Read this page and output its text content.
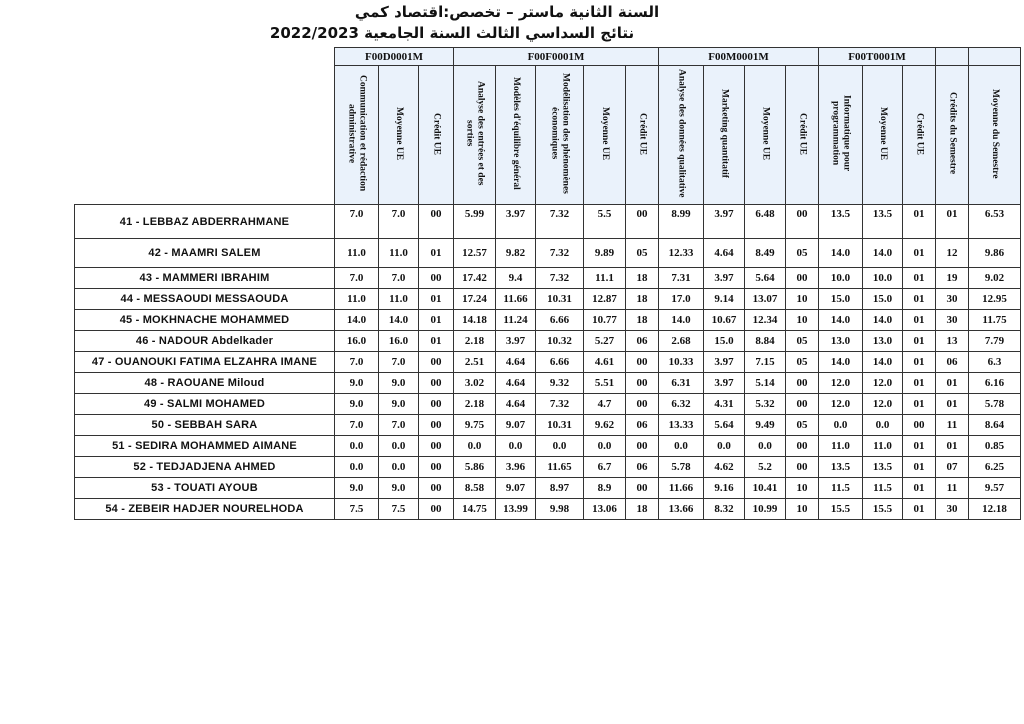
السنة الثانية ماستر – تخصص:اقتصاد كمي
نتائج السداسي الثالث السنة الجامعية 2022/2023
	F00D0001M			F00F0001M					F00M0001M				F00T0001M				
	Communication et rédaction administrative	Moyenne UE	Crédit UE	Analyse des entrées et des sorties	Modèles d'équilibre général	Modélisation des phénomènes économiques	Moyenne UE	Crédit UE	Analyse des données qualitative	Marketing quantitatif	Moyenne UE	Crédit UE	Informatique pour programmation	Moyenne UE	Crédit UE	Crédits du Semestre	Moyenne du Semestre
41 - LEBBAZ ABDERRAHMANE	7.0	7.0	00	5.99	3.97	7.32	5.5	00	8.99	3.97	6.48	00	13.5	13.5	01	01	6.53
42 - MAAMRI SALEM	11.0	11.0	01	12.57	9.82	7.32	9.89	05	12.33	4.64	8.49	05	14.0	14.0	01	12	9.86
43 - MAMMERI IBRAHIM	7.0	7.0	00	17.42	9.4	7.32	11.1	18	7.31	3.97	5.64	00	10.0	10.0	01	19	9.02
44 - MESSAOUDI MESSAOUDA	11.0	11.0	01	17.24	11.66	10.31	12.87	18	17.0	9.14	13.07	10	15.0	15.0	01	30	12.95
45 - MOKHNACHE MOHAMMED	14.0	14.0	01	14.18	11.24	6.66	10.77	18	14.0	10.67	12.34	10	14.0	14.0	01	30	11.75
46 - NADOUR Abdelkader	16.0	16.0	01	2.18	3.97	10.32	5.27	06	2.68	15.0	8.84	05	13.0	13.0	01	13	7.79
47 - OUANOUKI FATIMA ELZAHRA IMANE	7.0	7.0	00	2.51	4.64	6.66	4.61	00	10.33	3.97	7.15	05	14.0	14.0	01	06	6.3
48 - RAOUANE Miloud	9.0	9.0	00	3.02	4.64	9.32	5.51	00	6.31	3.97	5.14	00	12.0	12.0	01	01	6.16
49 - SALMI MOHAMED	9.0	9.0	00	2.18	4.64	7.32	4.7	00	6.32	4.31	5.32	00	12.0	12.0	01	01	5.78
50 - SEBBAH SARA	7.0	7.0	00	9.75	9.07	10.31	9.62	06	13.33	5.64	9.49	05	0.0	0.0	00	11	8.64
51 - SEDIRA MOHAMMED AIMANE	0.0	0.0	00	0.0	0.0	0.0	0.0	00	0.0	0.0	0.0	00	11.0	11.0	01	01	0.85
52 - TEDJADJENA AHMED	0.0	0.0	00	5.86	3.96	11.65	6.7	06	5.78	4.62	5.2	00	13.5	13.5	01	07	6.25
53 - TOUATI AYOUB	9.0	9.0	00	8.58	9.07	8.97	8.9	00	11.66	9.16	10.41	10	11.5	11.5	01	11	9.57
54 - ZEBEIR HADJER NOURELHODA	7.5	7.5	00	14.75	13.99	9.98	13.06	18	13.66	8.32	10.99	10	15.5	15.5	01	30	12.18
